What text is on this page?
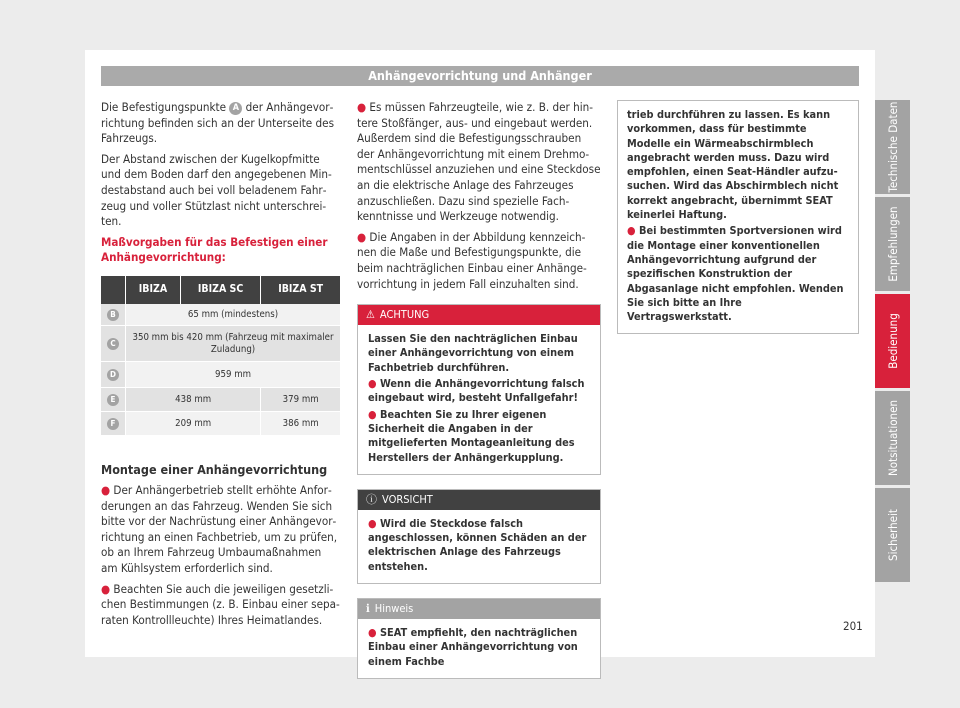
Anhängevorrichtung und Anhänger

Die Befestigungspunkte A der Anhängevorrichtung befinden sich an der Unterseite des Fahrzeugs.

Der Abstand zwischen der Kugelkopfmitte und dem Boden darf den angegebenen Mindestabstand auch bei voll beladenem Fahrzeug und voller Stützlast nicht unterschreiten.

Maßvorgaben für das Befestigen einer Anhängevorrichtung:

	IBIZA	IBIZA SC	IBIZA ST
B	65 mm (mindestens)		
C	350 mm bis 420 mm (Fahrzeug mit maximaler Zuladung)		
D	959 mm		
E	438 mm		379 mm
F	209 mm		386 mm
Montage einer Anhängevorrichtung

● Der Anhängerbetrieb stellt erhöhte Anforderungen an das Fahrzeug. Wenden Sie sich bitte vor der Nachrüstung einer Anhängevorrichtung an einen Fachbetrieb, um zu prüfen, ob an Ihrem Fahrzeug Umbaumaßnahmen am Kühlsystem erforderlich sind.

● Beachten Sie auch die jeweiligen gesetzlichen Bestimmungen (z. B. Einbau einer separaten Kontrollleuchte) Ihres Heimatlandes.

● Es müssen Fahrzeugteile, wie z. B. der hintere Stoßfänger, aus- und eingebaut werden. Außerdem sind die Befestigungsschrauben der Anhängevorrichtung mit einem Drehmomentschlüssel anzuziehen und eine Steckdose an die elektrische Anlage des Fahrzeuges anzuschließen. Dazu sind spezielle Fachkenntnisse und Werkzeuge notwendig.

● Die Angaben in der Abbildung kennzeichnen die Maße und Befestigungspunkte, die beim nachträglichen Einbau einer Anhängevorrichtung in jedem Fall einzuhalten sind.

⚠ ACHTUNG

Lassen Sie den nachträglichen Einbau einer Anhängevorrichtung von einem Fachbetrieb durchführen.

● Wenn die Anhängevorrichtung falsch eingebaut wird, besteht Unfallgefahr!

● Beachten Sie zu Ihrer eigenen Sicherheit die Angaben in der mitgelieferten Montageanleitung des Herstellers der Anhängerkupplung.

ⓘ VORSICHT

● Wird die Steckdose falsch angeschlossen, können Schäden an der elektrischen Anlage des Fahrzeugs entstehen.

ℹ Hinweis

● SEAT empfiehlt, den nachträglichen Einbau einer Anhängevorrichtung von einem Fachbe

trieb durchführen zu lassen. Es kann vorkommen, dass für bestimmte Modelle ein Wärmeabschirmblech angebracht werden muss. Dazu wird empfohlen, einen Seat-Händler aufzusuchen. Wird das Abschirmblech nicht korrekt angebracht, übernimmt SEAT keinerlei Haftung.

● Bei bestimmten Sportversionen wird die Montage einer konventionellen Anhängevorrichtung aufgrund der spezifischen Konstruktion der Abgasanlage nicht empfohlen. Wenden Sie sich bitte an Ihre Vertragswerkstatt.

Technische Daten
Empfehlungen
Bedienung
Notsituationen
Sicherheit
201
